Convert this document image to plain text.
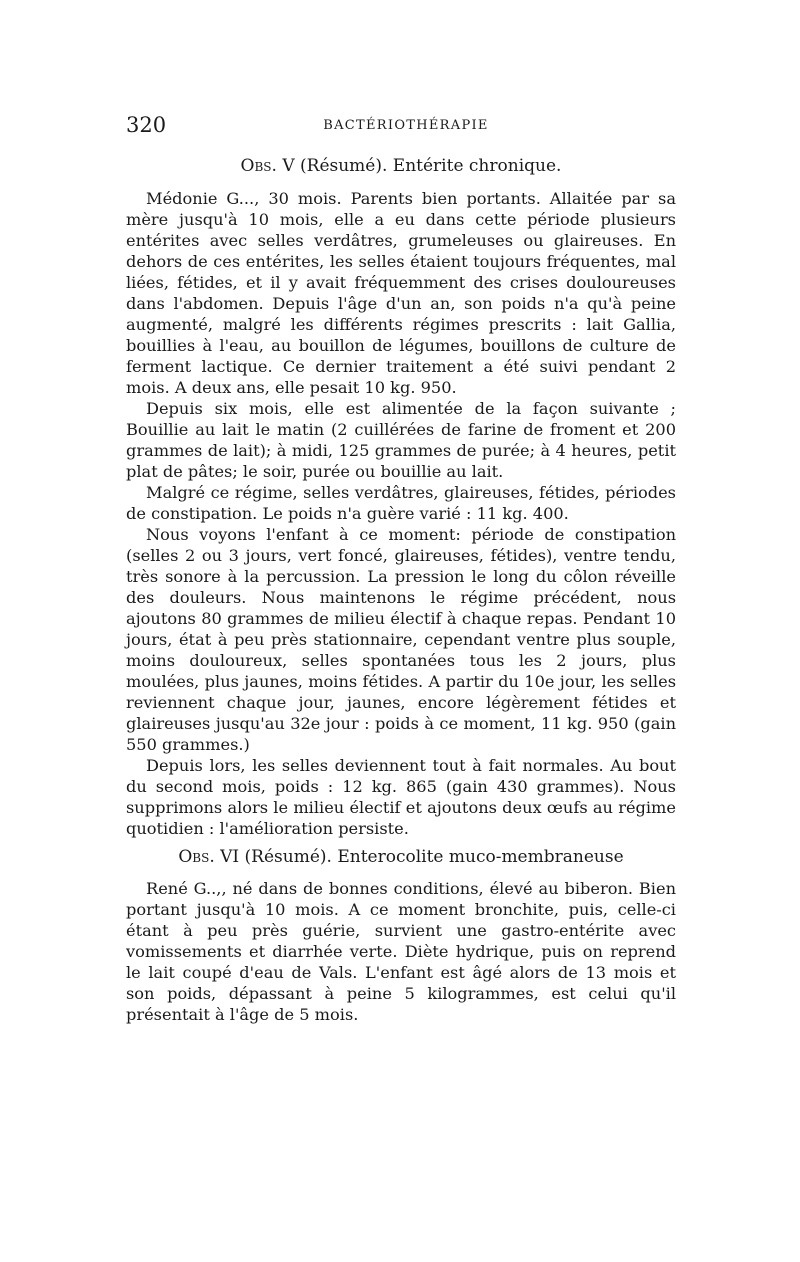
320	BACTÉRIOTHÉRAPIE
Obs. V (Résumé). Entérite chronique.

Médonie G..., 30 mois. Parents bien portants. Allaitée par sa mère jusqu'à 10 mois, elle a eu dans cette période plusieurs entérites avec selles verdâtres, grumeleuses ou glaireuses. En dehors de ces entérites, les selles étaient toujours fréquentes, mal liées, fétides, et il y avait fréquemment des crises douloureuses dans l'abdomen. Depuis l'âge d'un an, son poids n'a qu'à peine augmenté, malgré les différents régimes prescrits : lait Gallia, bouillies à l'eau, au bouillon de légumes, bouillons de culture de ferment lactique. Ce dernier traitement a été suivi pendant 2 mois. A deux ans, elle pesait 10 kg. 950.

Depuis six mois, elle est alimentée de la façon suivante ; Bouillie au lait le matin (2 cuillérées de farine de froment et 200 grammes de lait); à midi, 125 grammes de purée; à 4 heures, petit plat de pâtes; le soir, purée ou bouillie au lait.

Malgré ce régime, selles verdâtres, glaireuses, fétides, périodes de constipation. Le poids n'a guère varié : 11 kg. 400.

Nous voyons l'enfant à ce moment: période de constipation (selles 2 ou 3 jours, vert foncé, glaireuses, fétides), ventre tendu, très sonore à la percussion. La pression le long du côlon réveille des douleurs. Nous maintenons le régime précédent, nous ajoutons 80 grammes de milieu électif à chaque repas. Pendant 10 jours, état à peu près stationnaire, cependant ventre plus souple, moins douloureux, selles spontanées tous les 2 jours, plus moulées, plus jaunes, moins fétides. A partir du 10e jour, les selles reviennent chaque jour, jaunes, encore légèrement fétides et glaireuses jusqu'au 32e jour : poids à ce moment, 11 kg. 950 (gain 550 grammes.)

Depuis lors, les selles deviennent tout à fait normales. Au bout du second mois, poids : 12 kg. 865 (gain 430 grammes). Nous supprimons alors le milieu électif et ajoutons deux œufs au régime quotidien : l'amélioration persiste.

Obs. VI (Résumé). Enterocolite muco-membraneuse

René G..,, né dans de bonnes conditions, élevé au biberon. Bien portant jusqu'à 10 mois. A ce moment bronchite, puis, celle-ci étant à peu près guérie, survient une gastro-entérite avec vomissements et diarrhée verte. Diète hydrique, puis on reprend le lait coupé d'eau de Vals. L'enfant est âgé alors de 13 mois et son poids, dépassant à peine 5 kilogrammes, est celui qu'il présentait à l'âge de 5 mois.
